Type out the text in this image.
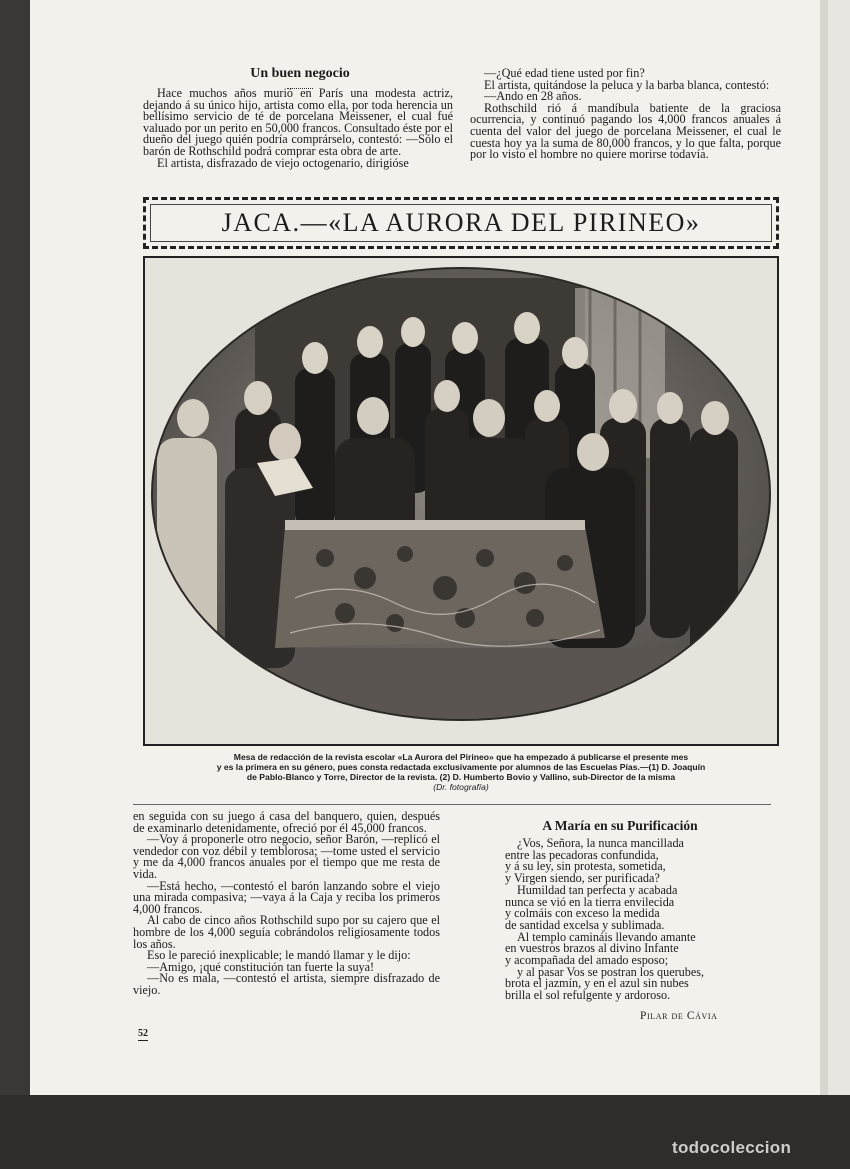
Un buen negocio

Hace muchos años murió en París una modesta actriz, dejando á su único hijo, artista como ella, por toda herencia un bellísimo servicio de té de porcelana Meissener, el cual fué valuado por un perito en 50,000 francos. Consultado éste por el dueño del juego quién podría comprárselo, contestó: —Sólo el barón de Rothschild podrá comprar esta obra de arte.

El artista, disfrazado de viejo octogenario, dirigióse

—¿Qué edad tiene usted por fin?

El artista, quitándose la peluca y la barba blanca, contestó:

—Ando en 28 años.

Rothschild rió á mandíbula batiente de la graciosa ocurrencia, y continuó pagando los 4,000 francos anuales á cuenta del valor del juego de porcelana Meissener, el cual le cuesta hoy ya la suma de 80,000 francos, y lo que falta, porque por lo visto el hombre no quiere morirse todavía.

JACA.—«LA AURORA DEL PIRINEO»
Mesa de redacción de la revista escolar «La Aurora del Pirineo» que ha empezado á publicarse el presente mes
y es la primera en su género, pues consta redactada exclusivamente por alumnos de las Escuelas Pías.—(1) D. Joaquín
de Pablo-Blanco y Torre, Director de la revista. (2) D. Humberto Bovio y Vallino, sub-Director de la misma
(Dr. fotografía)

en seguida con su juego á casa del banquero, quien, después de examinarlo detenidamente, ofreció por él 45,000 francos.

—Voy á proponerle otro negocio, señor Barón, —replicó el vendedor con voz débil y temblorosa; —tome usted el servicio y me da 4,000 francos anuales por el tiempo que me resta de vida.

—Está hecho, —contestó el barón lanzando sobre el viejo una mirada compasiva; —vaya á la Caja y reciba los primeros 4,000 francos.

Al cabo de cinco años Rothschild supo por su cajero que el hombre de los 4,000 seguía cobrándolos religiosamente todos los años.

Eso le pareció inexplicable; le mandó llamar y le dijo:

—Amigo, ¡qué constitución tan fuerte la suya!

—No es mala, —contestó el artista, siempre disfrazado de viejo.

A María en su Purificación
¿Vos, Señora, la nunca mancillada
entre las pecadoras confundida,
y á su ley, sin protesta, sometida,
y Virgen siendo, ser purificada?
Humildad tan perfecta y acabada
nunca se vió en la tierra envilecida
y colmáis con exceso la medida
de santidad excelsa y sublimada.
Al templo camináis llevando amante
en vuestros brazos al divino Infante
y acompañada del amado esposo;
y al pasar Vos se postran los querubes,
brota el jazmín, y en el azul sin nubes
brilla el sol refulgente y ardoroso.
Pilar de Cávia
52
todocoleccion
